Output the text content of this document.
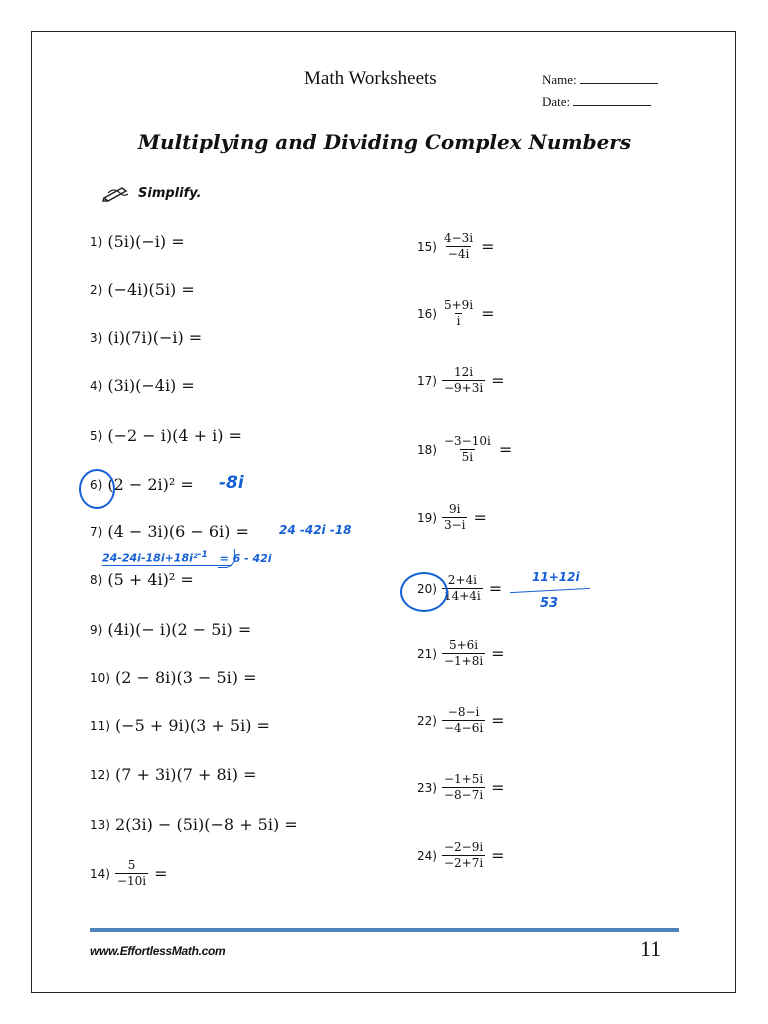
Math Worksheets	Name:
Date:
Multiplying and Dividing Complex Numbers
Simplify.
1) (5i)(−i) =
2) (−4i)(5i) =
3) (i)(7i)(−i) =
4) (3i)(−4i) =
5) (−2 − i)(4 + i) =
6) (2 − 2i)² =
7) (4 − 3i)(6 − 6i) =
8) (5 + 4i)² =
9) (4i)(− i)(2 − 5i) =
10) (2 − 8i)(3 − 5i) =
11) (−5 + 9i)(3 + 5i) =
12) (7 + 3i)(7 + 8i) =
13) 2(3i) − (5i)(−8 + 5i) =
$14) \frac{5}{-10i}$ =
$15) \frac{4-3i}{-4i}$ =
$16) \frac{5+9i}{i}$ =
$17) \frac{12i}{-9+3i}$ =
$18) \frac{-3-10i}{5i}$ =
$19) \frac{9i}{3-i}$ =
$20) \frac{2+4i}{14+4i}$ =
$21) \frac{5+6i}{-1+8i}$ =
$22) \frac{-8-i}{-4-6i}$ =
$23) \frac{-1+5i}{-8-7i}$ =
$24) \frac{-2-9i}{-2+7i}$ =
-8i
24 -42i -18
24-24i-18i+18i²$^{-1}$ = 6 - 42i
11+12i
53
www.EffortlessMath.com	11
